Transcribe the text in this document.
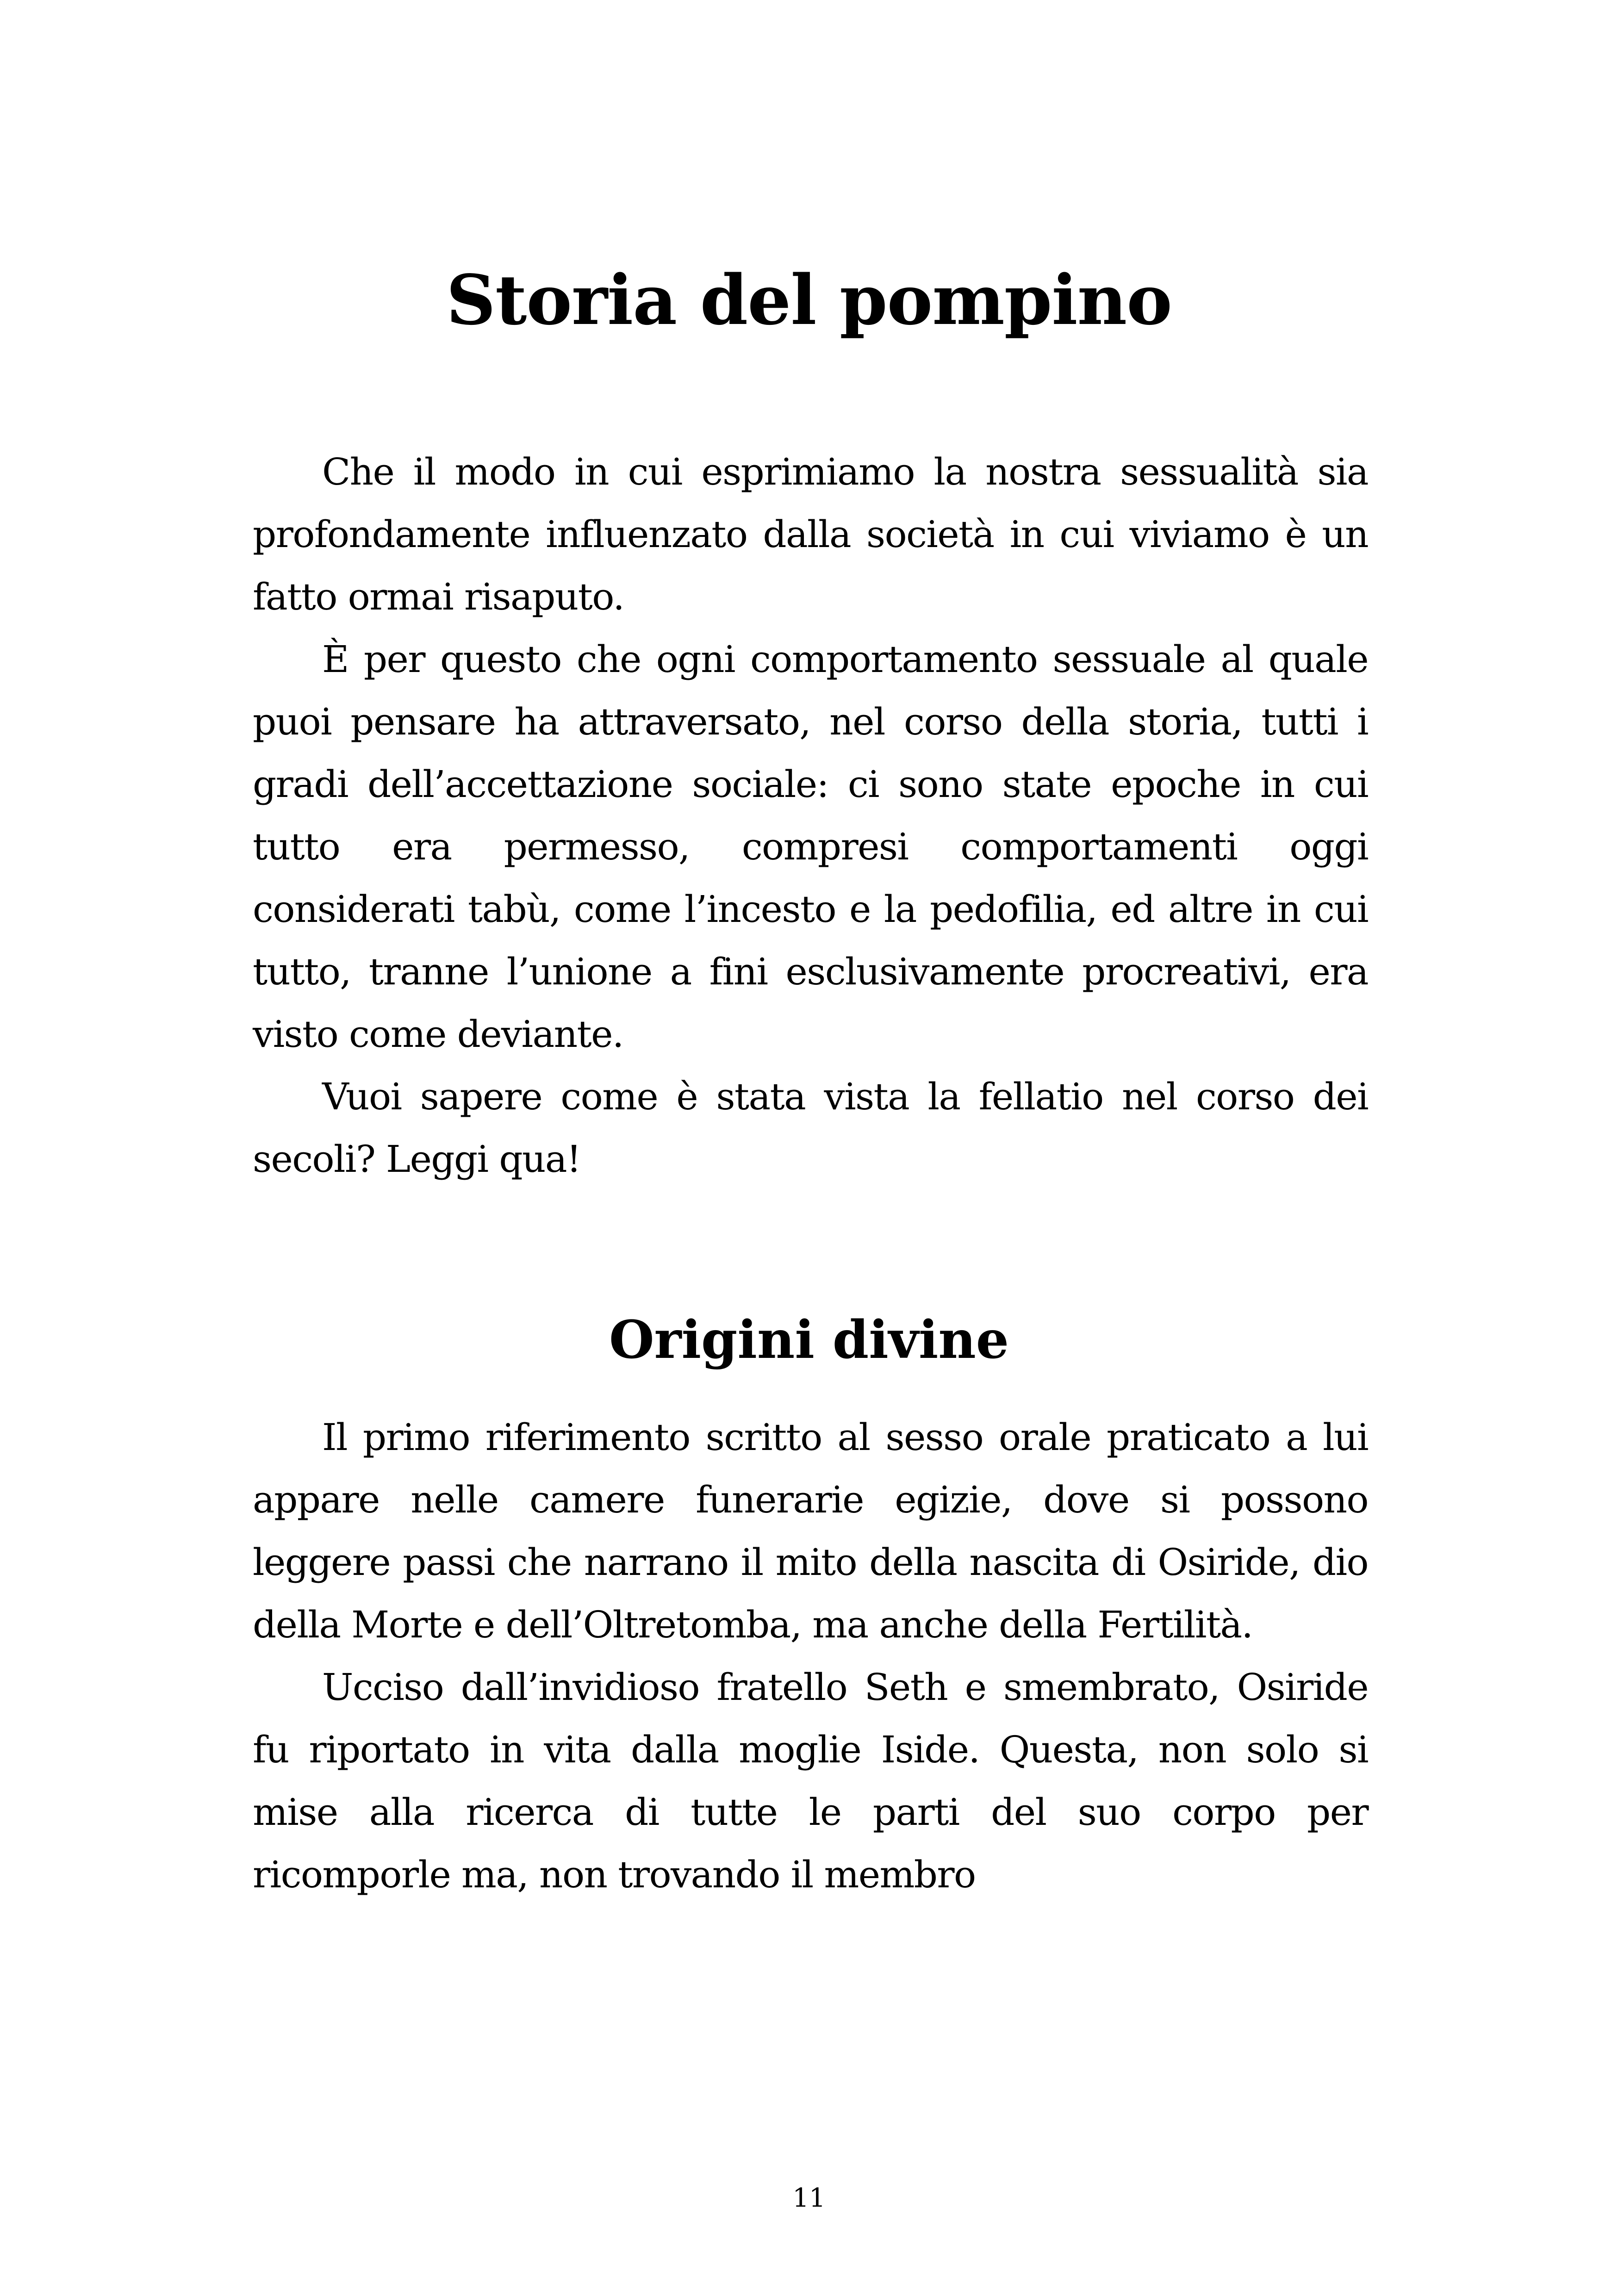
Storia del pompino

Che il modo in cui esprimiamo la nostra sessualità sia profondamente influenzato dalla società in cui viviamo è un fatto ormai risaputo.

È per questo che ogni comportamento sessuale al quale puoi pensare ha attraversato, nel corso della storia, tutti i gradi dell’accettazione sociale: ci sono state epoche in cui tutto era permesso, compresi comportamenti oggi considerati tabù, come l’incesto e la pedofilia, ed altre in cui tutto, tranne l’unione a fini esclusivamente procreativi, era visto come deviante.

Vuoi sapere come è stata vista la fellatio nel corso dei secoli? Leggi qua!

Origini divine

Il primo riferimento scritto al sesso orale praticato a lui appare nelle camere funerarie egizie, dove si possono leggere passi che narrano il mito della nascita di Osiride, dio della Morte e dell’Oltretomba, ma anche della Fertilità.

Ucciso dall’invidioso fratello Seth e smembrato, Osiride fu riportato in vita dalla moglie Iside. Questa, non solo si mise alla ricerca di tutte le parti del suo corpo per ricomporle ma, non trovando il membro

11
